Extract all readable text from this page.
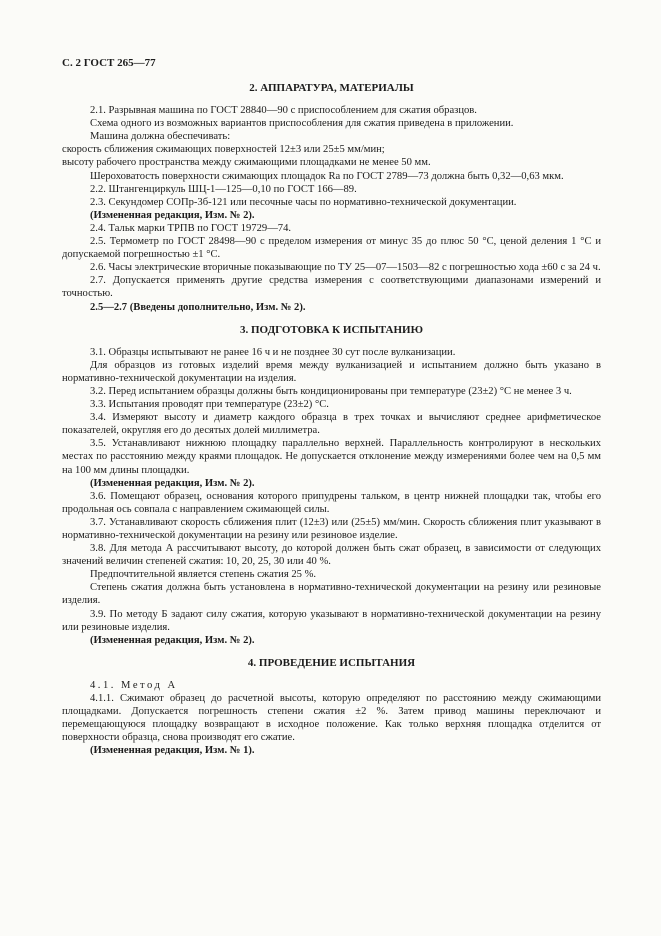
С. 2 ГОСТ 265—77

2. АППАРАТУРА, МАТЕРИАЛЫ

2.1. Разрывная машина по ГОСТ 28840—90 с приспособлением для сжатия образцов.

Схема одного из возможных вариантов приспособления для сжатия приведена в приложении.

Машина должна обеспечивать:

скорость сближения сжимающих поверхностей 12±3 или 25±5 мм/мин;

высоту рабочего пространства между сжимающими площадками не менее 50 мм.

Шероховатость поверхности сжимающих площадок Ra по ГОСТ 2789—73 должна быть 0,32—0,63 мкм.

2.2. Штангенциркуль ШЦ-1—125—0,10 по ГОСТ 166—89.

2.3. Секундомер СОПр-3б-121 или песочные часы по нормативно-технической документации.

(Измененная редакция, Изм. № 2).

2.4. Тальк марки ТРПВ по ГОСТ 19729—74.

2.5. Термометр по ГОСТ 28498—90 с пределом измерения от минус 35 до плюс 50 °С, ценой деления 1 °С и допускаемой погрешностью ±1 °С.

2.6. Часы электрические вторичные показывающие по ТУ 25—07—1503—82 с погрешностью хода ±60 с за 24 ч.

2.7. Допускается применять другие средства измерения с соответствующими диапазонами измерений и точностью.

2.5—2.7 (Введены дополнительно, Изм. № 2).

3. ПОДГОТОВКА К ИСПЫТАНИЮ

3.1. Образцы испытывают не ранее 16 ч и не позднее 30 сут после вулканизации.

Для образцов из готовых изделий время между вулканизацией и испытанием должно быть указано в нормативно-технической документации на изделия.

3.2. Перед испытанием образцы должны быть кондиционированы при температуре (23±2) °С не менее 3 ч.

3.3. Испытания проводят при температуре (23±2) °С.

3.4. Измеряют высоту и диаметр каждого образца в трех точках и вычисляют среднее арифметическое показателей, округляя его до десятых долей миллиметра.

3.5. Устанавливают нижнюю площадку параллельно верхней. Параллельность контролируют в нескольких местах по расстоянию между краями площадок. Не допускается отклонение между измерениями более чем на 0,5 мм на 100 мм длины площадки.

(Измененная редакция, Изм. № 2).

3.6. Помещают образец, основания которого припудрены тальком, в центр нижней площадки так, чтобы его продольная ось совпала с направлением сжимающей силы.

3.7. Устанавливают скорость сближения плит (12±3) или (25±5) мм/мин. Скорость сближения плит указывают в нормативно-технической документации на резину или резиновое изделие.

3.8. Для метода А рассчитывают высоту, до которой должен быть сжат образец, в зависимости от следующих значений величин степеней сжатия: 10, 20, 25, 30 или 40 %.

Предпочтительной является степень сжатия 25 %.

Степень сжатия должна быть установлена в нормативно-технической документации на резину или резиновые изделия.

3.9. По методу Б задают силу сжатия, которую указывают в нормативно-технической документации на резину или резиновые изделия.

(Измененная редакция, Изм. № 2).

4. ПРОВЕДЕНИЕ ИСПЫТАНИЯ

4.1. Метод А

4.1.1. Сжимают образец до расчетной высоты, которую определяют по расстоянию между сжимающими площадками. Допускается погрешность степени сжатия ±2 %. Затем привод машины переключают и перемещающуюся площадку возвращают в исходное положение. Как только верхняя площадка отделится от поверхности образца, снова производят его сжатие.

(Измененная редакция, Изм. № 1).
